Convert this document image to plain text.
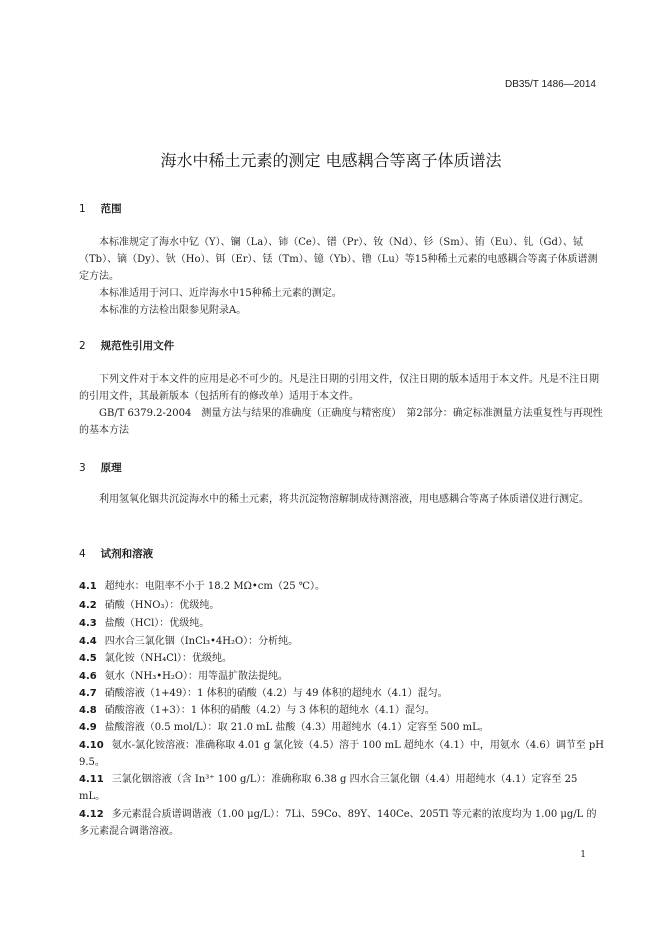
DB35/T 1486—2014
海水中稀土元素的测定 电感耦合等离子体质谱法
1 范围
本标准规定了海水中钇（Y）、镧（La）、铈（Ce）、镨（Pr）、钕（Nd）、钐（Sm）、铕（Eu）、钆（Gd）、铽（Tb）、镝（Dy）、钬（Ho）、铒（Er）、铥（Tm）、镱（Yb）、镥（Lu）等15种稀土元素的电感耦合等离子体质谱测定方法。
本标准适用于河口、近岸海水中15种稀土元素的测定。
本标准的方法检出限参见附录A。
2 规范性引用文件
下列文件对于本文件的应用是必不可少的。凡是注日期的引用文件，仅注日期的版本适用于本文件。凡是不注日期的引用文件，其最新版本（包括所有的修改单）适用于本文件。
GB/T 6379.2-2004　测量方法与结果的准确度（正确度与精密度）　第2部分：确定标准测量方法重复性与再现性的基本方法
3 原理
利用氢氧化铟共沉淀海水中的稀土元素，将共沉淀物溶解制成待测溶液，用电感耦合等离子体质谱仪进行测定。
4 试剂和溶液
4.1 超纯水：电阻率不小于 18.2 MΩ•cm（25 ℃）。
4.2 硝酸（HNO₃）：优级纯。
4.3 盐酸（HCl）：优级纯。
4.4 四水合三氯化铟（InCl₃•4H₂O）：分析纯。
4.5 氯化铵（NH₄Cl）：优级纯。
4.6 氨水（NH₃•H₂O）：用等温扩散法提纯。
4.7 硝酸溶液（1+49）：1 体积的硝酸（4.2）与 49 体积的超纯水（4.1）混匀。
4.8 硝酸溶液（1+3）：1 体积的硝酸（4.2）与 3 体积的超纯水（4.1）混匀。
4.9 盐酸溶液（0.5 mol/L）：取 21.0 mL 盐酸（4.3）用超纯水（4.1）定容至 500 mL。
4.10 氨水-氯化铵溶液：准确称取 4.01 g 氯化铵（4.5）溶于 100 mL 超纯水（4.1）中，用氨水（4.6）调节至 pH 9.5。
4.11 三氯化铟溶液（含 In³⁺ 100 g/L）：准确称取 6.38 g 四水合三氯化铟（4.4）用超纯水（4.1）定容至 25 mL。
4.12 多元素混合质谱调谐液（1.00 μg/L）：7Li、59Co、89Y、140Ce、205Tl 等元素的浓度均为 1.00 μg/L 的多元素混合调谐溶液。
1
